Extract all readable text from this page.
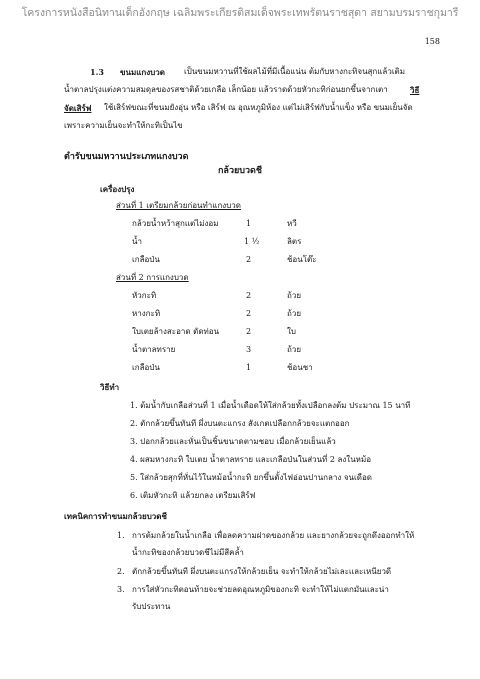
โครงการหนังสือนิทานเด็กอังกฤษ เฉลิมพระเกียรติสมเด็จพระเทพรัตนราชสุดา สยามบรมราชกุมารี
158
1.3 ขนมแกงบวด เป็นขนมหวานที่ใช้ผลไม้ที่มีเนื้อแน่น ต้มกับหางกะทิจนสุกแล้วเติม
น้ำตาลปรุงแต่งความสมดุลของรสชาติด้วยเกลือ เล็กน้อย แล้วราดด้วยหัวกะทิก่อนยกขึ้นจากเตา	วิธี
จัดเสิร์ฟ ใช้เสิร์ฟขณะที่ขนมยังอุ่น หรือ เสิร์ฟ ณ อุณหภูมิห้อง แต่ไม่เสิร์ฟกับน้ำแข็ง หรือ ขนมเย็นจัด
เพราะความเย็นจะทำให้กะทิเป็นไข
ตำรับขนมหวานประเภทแกงบวด
กล้วยบวดชี
เครื่องปรุง
ส่วนที่ 1 เตรียมกล้วยก่อนทำแกงบวด
กล้วยน้ำหว้าสุกแต่ไม่งอม	1	หวี
น้ำ	1 ½	ลิตร
เกลือป่น	2	ช้อนโต๊ะ
ส่วนที่ 2 การแกงบวด
หัวกะทิ	2	ถ้วย
หางกะทิ	2	ถ้วย
ใบเตยล้างสะอาด ตัดท่อน	2	ใบ
น้ำตาลทราย	3	ถ้วย
เกลือป่น	1	ช้อนชา
วิธีทำ
1. ต้มน้ำกับเกลือส่วนที่ 1 เมื่อน้ำเดือดให้ใส่กล้วยทั้งเปลือกลงต้ม ประมาณ 15 นาที
2. ตักกล้วยขึ้นทันที ผึ่งบนตะแกรง สังเกตเปลือกกล้วยจะแตกออก
3. ปอกกล้วยและหั่นเป็นชิ้นขนาดตามชอบ เมื่อกล้วยเย็นแล้ว
4. ผสมหางกะทิ ใบเตย น้ำตาลทราย และเกลือป่นในส่วนที่ 2 ลงในหม้อ
5. ใส่กล้วยสุกที่หั่นไว้ในหม้อน้ำกะทิ ยกขึ้นตั้งไฟอ่อนปานกลาง จนเดือด
6. เติมหัวกะทิ แล้วยกลง เตรียมเสิร์ฟ
เทคนิคการทำขนมกล้วยบวดชี
1. การต้มกล้วยในน้ำเกลือ เพื่อลดความฝาดของกล้วย และยางกล้วยจะถูกดึงออกทำให้
น้ำกะทิของกล้วยบวดชีไม่มีสีคล้ำ
2. ตักกล้วยขึ้นทันที ผึ่งบนตะแกรงให้กล้วยเย็น จะทำให้กล้วยไม่เละและเหนียวดี
3. การใส่หัวกะทิตอนท้ายจะช่วยลดอุณหภูมิของกะทิ จะทำให้ไม่แตกมันและน่า
รับประทาน
